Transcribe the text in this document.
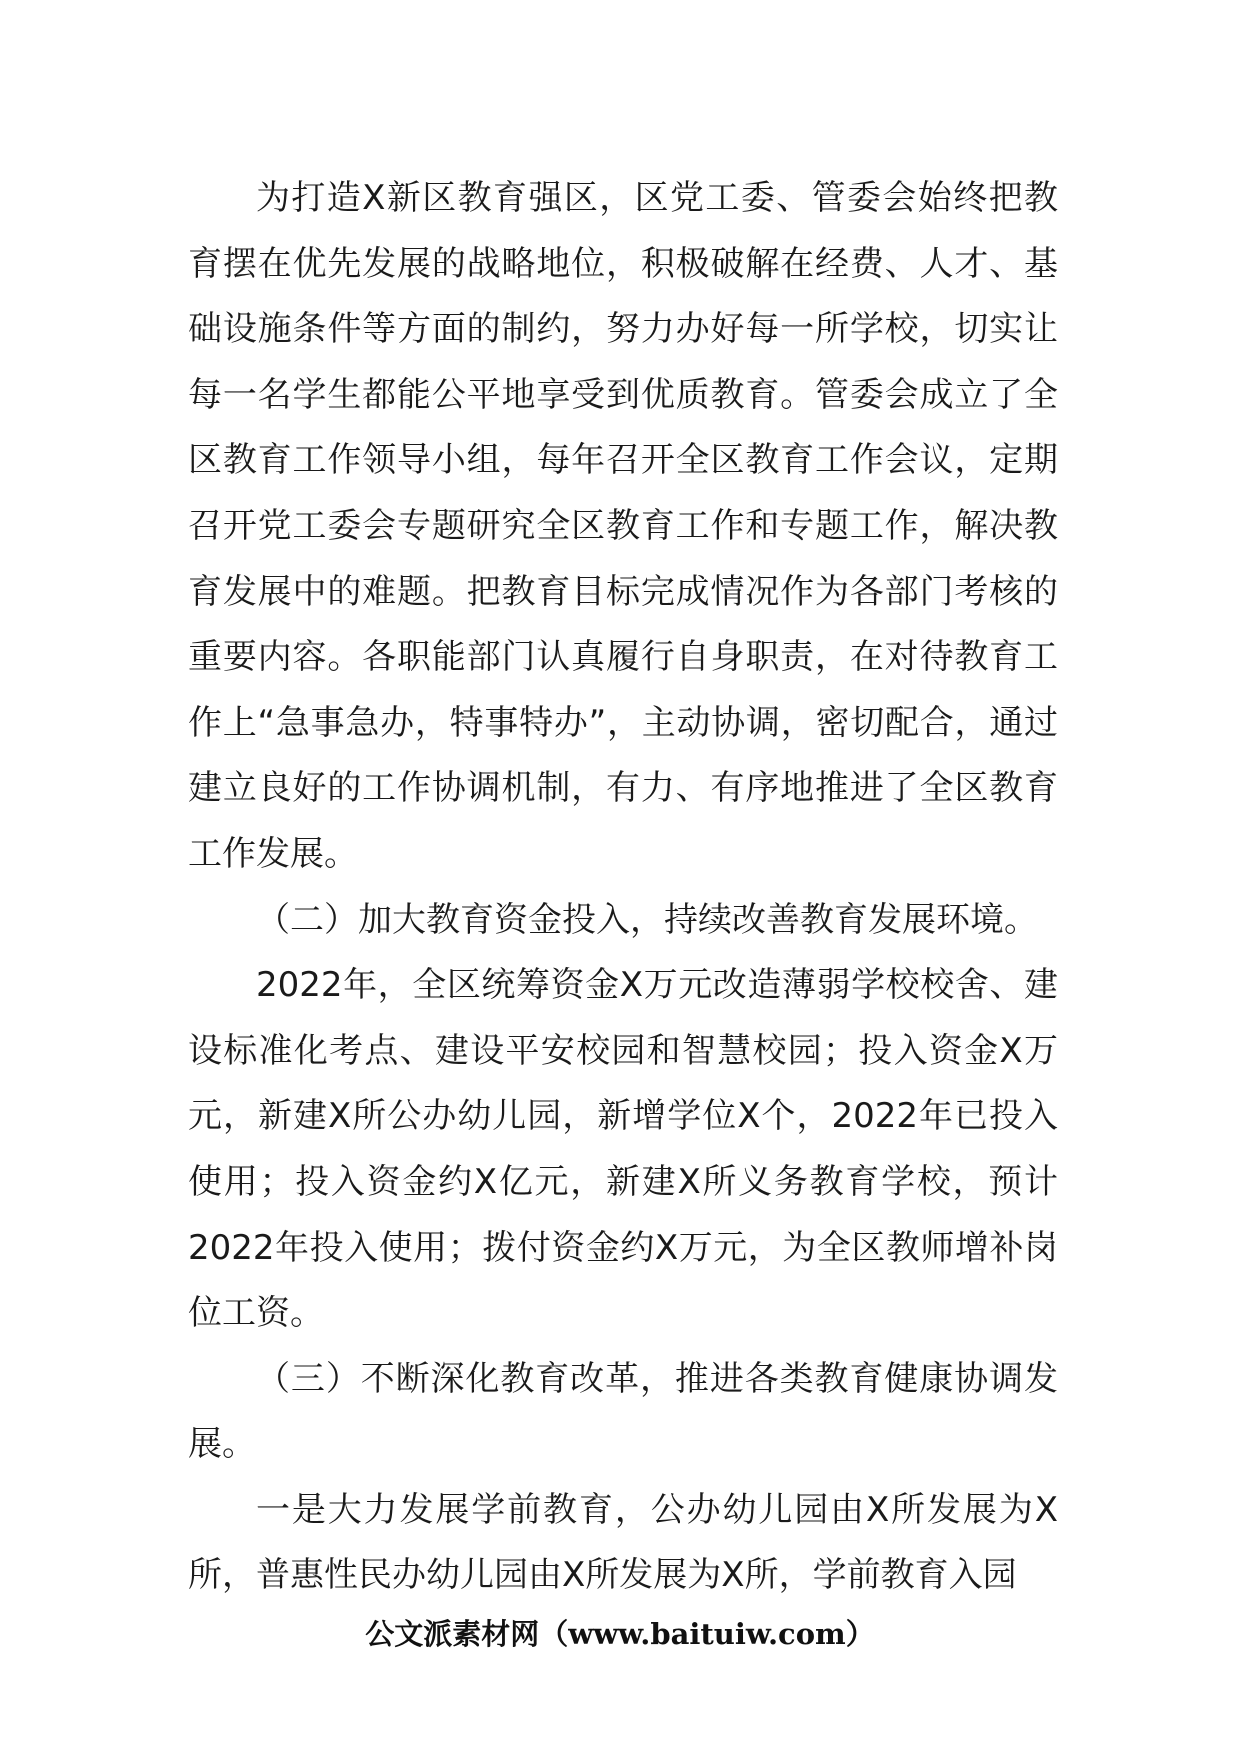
为打造X新区教育强区，区党工委、管委会始终把教育摆在优先发展的战略地位，积极破解在经费、人才、基础设施条件等方面的制约，努力办好每一所学校，切实让每一名学生都能公平地享受到优质教育。管委会成立了全区教育工作领导小组，每年召开全区教育工作会议，定期召开党工委会专题研究全区教育工作和专题工作，解决教育发展中的难题。把教育目标完成情况作为各部门考核的重要内容。各职能部门认真履行自身职责，在对待教育工作上“急事急办，特事特办”，主动协调，密切配合，通过建立良好的工作协调机制，有力、有序地推进了全区教育工作发展。

（二）加大教育资金投入，持续改善教育发展环境。

2022年，全区统筹资金X万元改造薄弱学校校舍、建设标准化考点、建设平安校园和智慧校园；投入资金X万元，新建X所公办幼儿园，新增学位X个，2022年已投入使用；投入资金约X亿元，新建X所义务教育学校，预计2022年投入使用；拨付资金约X万元，为全区教师增补岗位工资。

（三）不断深化教育改革，推进各类教育健康协调发展。

一是大力发展学前教育，公办幼儿园由X所发展为X所，普惠性民办幼儿园由X所发展为X所，学前教育入园

公文派素材网（www.baituiw.com）
